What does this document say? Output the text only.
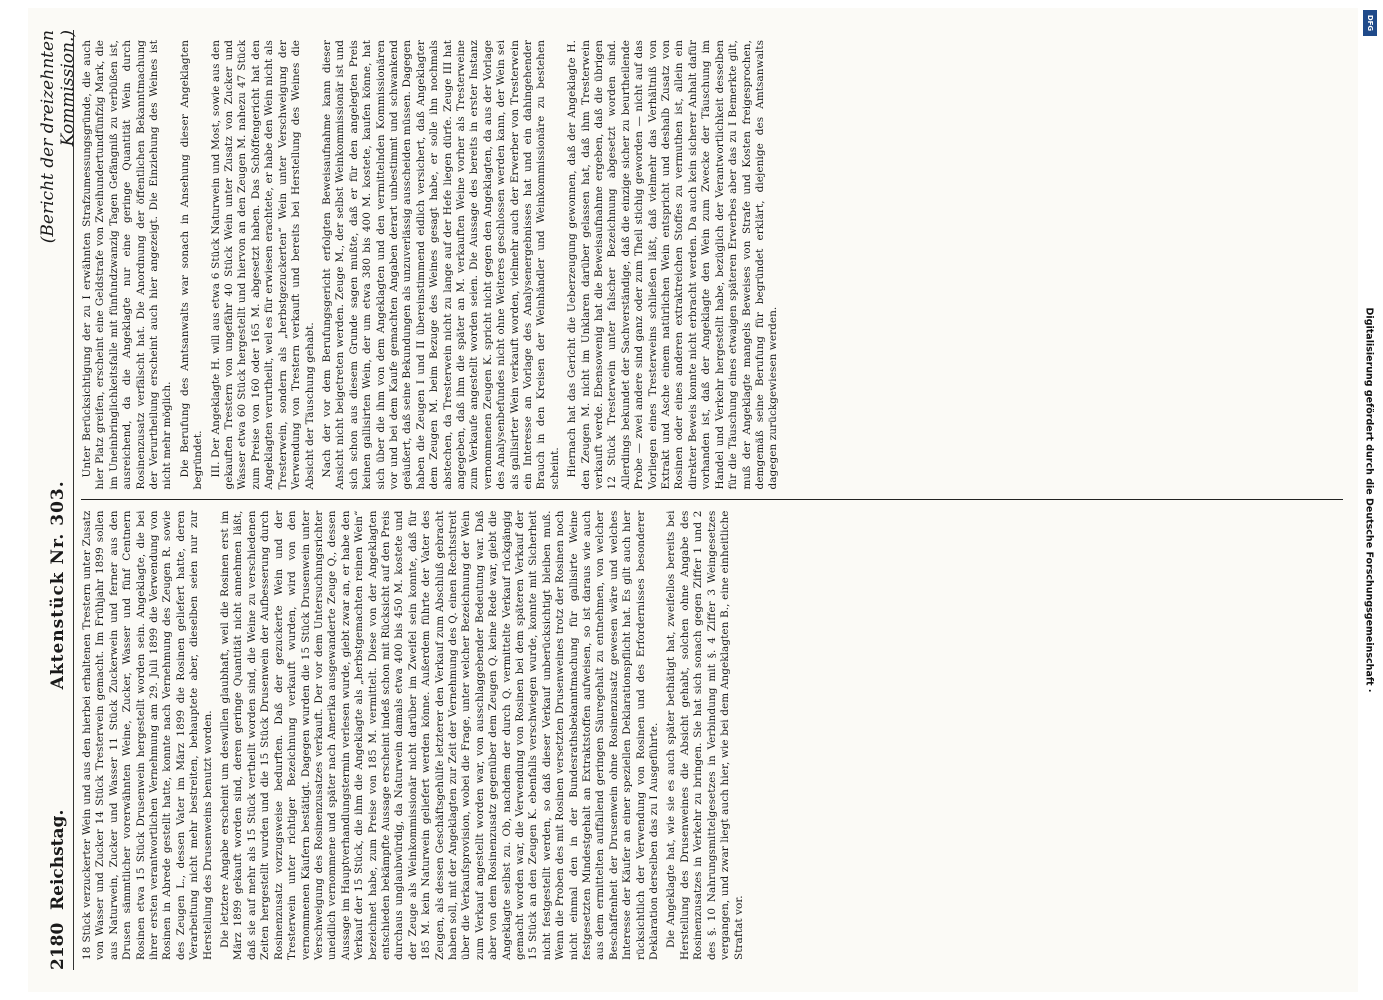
2180
Reichstag.
Aktenstück Nr. 303.
(Bericht der dreizehnten Kommission.)

18 Stück verzuckerter Wein und aus den hierbei erhaltenen Trestern unter Zusatz von Wasser und Zucker 14 Stück Tresterwein gemacht. Im Frühjahr 1899 sollen aus Naturwein, Zucker und Wasser 11 Stück Zuckerwein und ferner aus den Drusen sämmtlicher vorerwähnten Weine, Zucker, Wasser und fünf Centnern Rosinen etwa 15 Stück Drusenwein hergestellt worden sein. Angeklagte, die bei ihrer ersten verantwortlichen Vernehmung am 29. Juli 1899 die Verwendung von Rosinen in Abrede gestellt hatte, konnte nach Vernehmung des Zeugen R. sowie des Zeugen L., dessen Vater im März 1899 die Rosinen geliefert hatte, deren Verarbeitung nicht mehr bestreiten, behauptete aber, dieselben seien nur zur Herstellung des Drusenweins benutzt worden. Die letztere Angabe erscheint um deswillen glaubhaft, weil die Rosinen erst im März 1899 gekauft worden sind, deren geringe Quantität nicht annehmen läßt, daß sie auf mehr als 15 Stück vertheilt worden sind, die Weine zu verschiedenen Zeiten hergestellt wurden und die 15 Stück Drusenwein der Aufbesserung durch Rosinenzusatz vorzugsweise bedurften. Daß der gezuckerte Wein und der Tresterwein unter richtiger Bezeichnung verkauft wurden, wird von den vernommenen Käufern bestätigt. Dagegen wurden die 15 Stück Drusenwein unter Verschweigung des Rosinenzusatzes verkauft. Der vor dem Untersuchungsrichter uneidlich vernommene und später nach Amerika ausgewanderte Zeuge Q., dessen Aussage im Hauptverhandlungstermin verlesen wurde, giebt zwar an, er habe den Verkauf der 15 Stück, die ihm die Angeklagte als „herbstgemachten reinen Wein“ bezeichnet habe, zum Preise von 185 M. vermittelt. Diese von der Angeklagten entschieden bekämpfte Aussage erscheint indeß schon mit Rücksicht auf den Preis durchaus unglaubwürdig, da Naturwein damals etwa 400 bis 450 M. kostete und der Zeuge als Weinkommissionär nicht darüber im Zweifel sein konnte, daß für 185 M. kein Naturwein geliefert werden könne. Außerdem führte der Vater des Zeugen, als dessen Geschäftsgehülfe letzterer den Verkauf zum Abschluß gebracht haben soll, mit der Angeklagten zur Zeit der Vernehmung des Q. einen Rechtsstreit über die Verkaufsprovision, wobei die Frage, unter welcher Bezeichnung der Wein zum Verkauf angestellt worden war, von ausschlaggebender Bedeutung war. Daß aber von dem Rosinenzusatz gegenüber dem Zeugen Q. keine Rede war, giebt die Angeklagte selbst zu. Ob, nachdem der durch Q. vermittelte Verkauf rückgängig gemacht worden war, die Verwendung von Rosinen bei dem späteren Verkauf der 15 Stück an den Zeugen K. ebenfalls verschwiegen wurde, konnte mit Sicherheit nicht festgestellt werden, so daß dieser Verkauf unberücksichtigt bleiben muß. Wenn die Proben des mit Rosinen versetzten Drusenweines trotz der Rosinen noch nicht einmal den in der Bundesrathsbekanntmachung für gallisirte Weine festgesetzten Mindestgehalt an Extraktstoffen aufweisen, so ist daraus wie auch aus dem ermittelten auffallend geringen Säuregehalt zu entnehmen, von welcher Beschaffenheit der Drusenwein ohne Rosinenzusatz gewesen wäre und welches Interesse der Käufer an einer speziellen Deklarationspflicht hat. Es gilt auch hier rücksichtlich der Verwendung von Rosinen und des Erfordernisses besonderer Deklaration derselben das zu I Ausgeführte. Die Angeklagte hat, wie sie es auch später bethätigt hat, zweifellos bereits bei Herstellung des Drusenweines die Absicht gehabt, solchen ohne Angabe des Rosinenzusatzes in Verkehr zu bringen. Sie hat sich sonach gegen Ziffer 1 und 2 des §. 10 Nahrungsmittelgesetzes in Verbindung mit §. 4 Ziffer 3 Weingesetzes vergangen, und zwar liegt auch hier, wie bei dem Angeklagten B., eine einheitliche Straftat vor.

Unter Berücksichtigung der zu I erwähnten Strafzumessungsgründe, die auch hier Platz greifen, erscheint eine Geldstrafe von Zweihundertundfünfzig Mark, die im Uneinbringlichkeitsfalle mit fünfundzwanzig Tagen Gefängniß zu verbüßen ist, ausreichend, da die Angeklagte nur eine geringe Quantität Wein durch Rosinenzusatz verfälscht hat. Die Anordnung der öffentlichen Bekanntmachung der Verurtheilung erscheint auch hier angezeigt. Die Einziehung des Weines ist nicht mehr möglich. Die Berufung des Amtsanwalts war sonach in Ansehung dieser Angeklagten begründet. III. Der Angeklagte H. will aus etwa 6 Stück Naturwein und Most, sowie aus den gekauften Trestern von ungefähr 40 Stück Wein unter Zusatz von Zucker und Wasser etwa 60 Stück hergestellt und hiervon an den Zeugen M. nahezu 47 Stück zum Preise von 160 oder 165 M. abgesetzt haben. Das Schöffengericht hat den Angeklagten verurtheilt, weil es für erwiesen erachtete, er habe den Wein nicht als Tresterwein, sondern als „herbstgezuckerten“ Wein unter Verschweigung der Verwendung von Trestern verkauft und bereits bei Herstellung des Weines die Absicht der Täuschung gehabt. Nach der vor dem Berufungsgericht erfolgten Beweisaufnahme kann dieser Ansicht nicht beigetreten werden. Zeuge M., der selbst Weinkommissionär ist und sich schon aus diesem Grunde sagen mußte, daß er für den angelegten Preis keinen gallisirten Wein, der um etwa 380 bis 400 M. kostete, kaufen könne, hat sich über die ihm von dem Angeklagten und den vermittelnden Kommissionären vor und bei dem Kaufe gemachten Angaben derart unbestimmt und schwankend geäußert, daß seine Bekundungen als unzuverlässig ausscheiden müssen. Dagegen haben die Zeugen I und II übereinstimmend eidlich versichert, daß Angeklagter dem Zeugen M. beim Bezuge des Weines gesagt habe, er solle ihn nochmals abstechen, da Tresterwein nicht zu lange auf der Hefe liegen dürfe. Zeuge III hat angegeben, daß ihm die später an M. verkauften Weine vorher als Tresterweine zum Verkaufe angestellt worden seien. Die Aussage des bereits in erster Instanz vernommenen Zeugen K. spricht nicht gegen den Angeklagten, da aus der Vorlage des Analysenbefundes nicht ohne Weiteres geschlossen werden kann, der Wein sei als gallisirter Wein verkauft worden, vielmehr auch der Erwerber von Tresterwein ein Interesse an Vorlage des Analysenergebnisses hat und ein dahingehender Brauch in den Kreisen der Weinhändler und Weinkommissionäre zu bestehen scheint. Hiernach hat das Gericht die Ueberzeugung gewonnen, daß der Angeklagte H. den Zeugen M. nicht im Unklaren darüber gelassen hat, daß ihm Tresterwein verkauft werde. Ebensowenig hat die Beweisaufnahme ergeben, daß die übrigen 12 Stück Tresterwein unter falscher Bezeichnung abgesetzt worden sind. Allerdings bekundet der Sachverständige, daß die einzige sicher zu beurtheilende Probe — zwei andere sind ganz oder zum Theil stichig geworden — nicht auf das Vorliegen eines Tresterweins schließen läßt, daß vielmehr das Verhältniß von Extrakt und Asche einem natürlichen Wein entspricht und deshalb Zusatz von Rosinen oder eines anderen extraktreichen Stoffes zu vermuthen ist, allein ein direkter Beweis konnte nicht erbracht werden. Da auch kein sicherer Anhalt dafür vorhanden ist, daß der Angeklagte den Wein zum Zwecke der Täuschung im Handel und Verkehr hergestellt habe, bezüglich der Verantwortlichkeit desselben für die Täuschung eines etwaigen späteren Erwerbes aber das zu I Bemerkte gilt, muß der Angeklagte mangels Beweises von Strafe und Kosten freigesprochen, demgemäß seine Berufung für begründet erklärt, diejenige des Amtsanwalts dagegen zurückgewiesen werden.

DFG
Digitalisierung gefördert durch die Deutsche Forschungsgemeinschaft ·
